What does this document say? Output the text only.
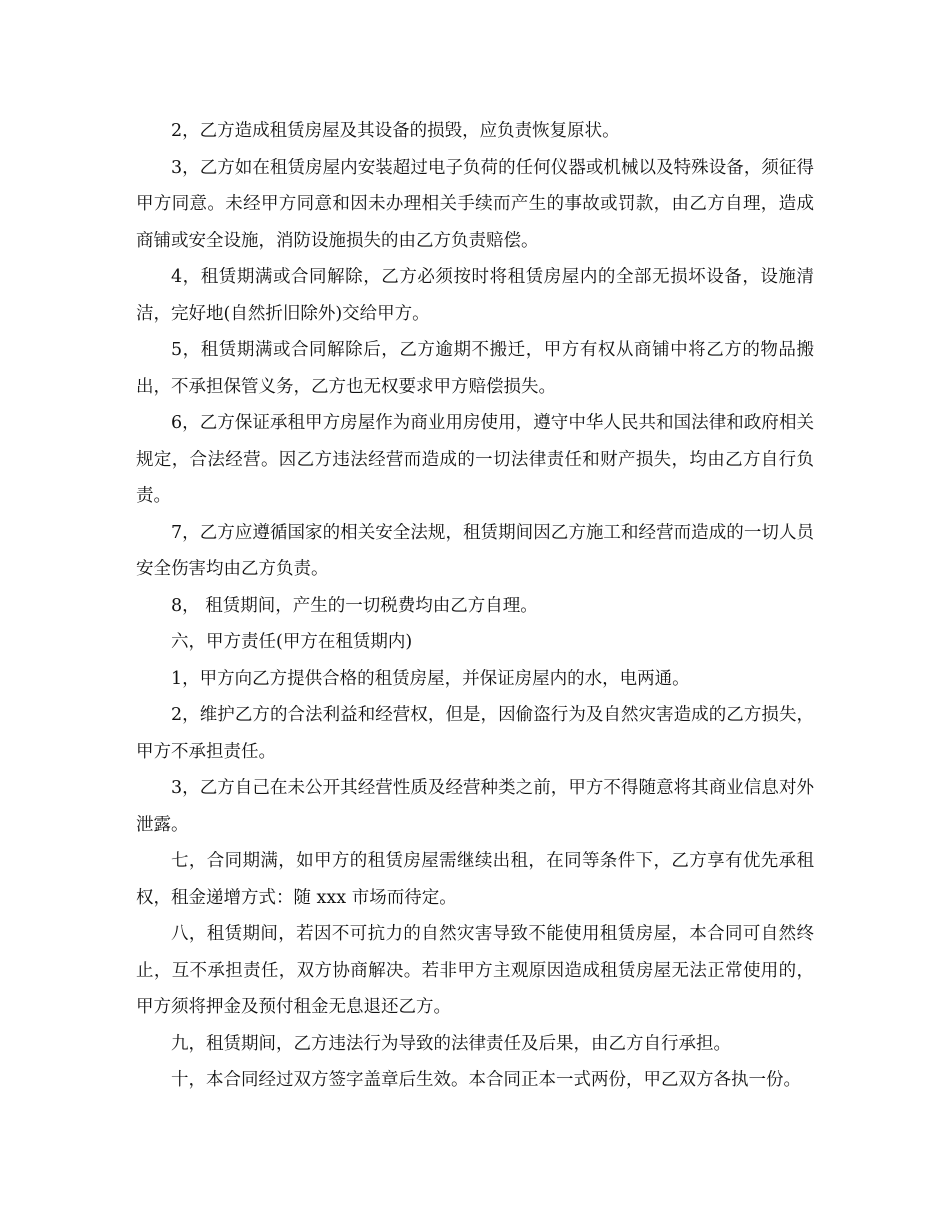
2，乙方造成租赁房屋及其设备的损毁，应负责恢复原状。

3，乙方如在租赁房屋内安装超过电子负荷的任何仪器或机械以及特殊设备，须征得甲方同意。未经甲方同意和因未办理相关手续而产生的事故或罚款，由乙方自理，造成商铺或安全设施，消防设施损失的由乙方负责赔偿。

4，租赁期满或合同解除，乙方必须按时将租赁房屋内的全部无损坏设备，设施清洁，完好地(自然折旧除外)交给甲方。

5，租赁期满或合同解除后，乙方逾期不搬迁，甲方有权从商铺中将乙方的物品搬出，不承担保管义务，乙方也无权要求甲方赔偿损失。

6，乙方保证承租甲方房屋作为商业用房使用，遵守中华人民共和国法律和政府相关规定，合法经营。因乙方违法经营而造成的一切法律责任和财产损失，均由乙方自行负责。

7，乙方应遵循国家的相关安全法规，租赁期间因乙方施工和经营而造成的一切人员安全伤害均由乙方负责。

8， 租赁期间，产生的一切税费均由乙方自理。

六，甲方责任(甲方在租赁期内)

1，甲方向乙方提供合格的租赁房屋，并保证房屋内的水，电两通。

2，维护乙方的合法利益和经营权，但是，因偷盗行为及自然灾害造成的乙方损失，甲方不承担责任。

3，乙方自己在未公开其经营性质及经营种类之前，甲方不得随意将其商业信息对外泄露。

七，合同期满，如甲方的租赁房屋需继续出租，在同等条件下，乙方享有优先承租权，租金递增方式：随 xxx 市场而待定。

八，租赁期间，若因不可抗力的自然灾害导致不能使用租赁房屋，本合同可自然终止，互不承担责任，双方协商解决。若非甲方主观原因造成租赁房屋无法正常使用的，甲方须将押金及预付租金无息退还乙方。

九，租赁期间，乙方违法行为导致的法律责任及后果，由乙方自行承担。

十，本合同经过双方签字盖章后生效。本合同正本一式两份，甲乙双方各执一份。
